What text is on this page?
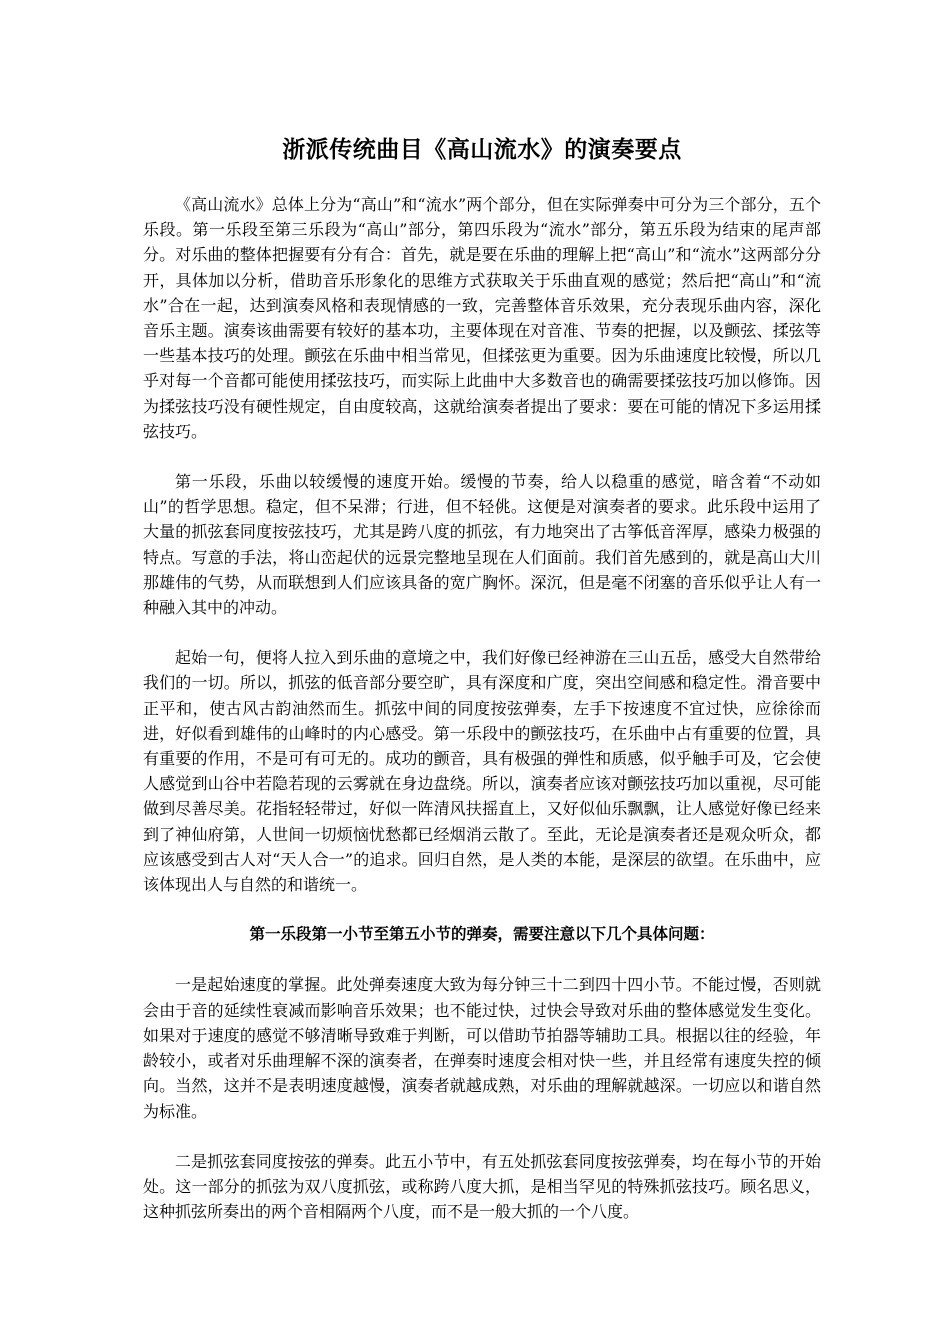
浙派传统曲目《高山流水》的演奏要点

《高山流水》总体上分为“高山”和“流水”两个部分，但在实际弹奏中可分为三个部分，五个乐段。第一乐段至第三乐段为“高山”部分，第四乐段为“流水”部分，第五乐段为结束的尾声部分。对乐曲的整体把握要有分有合：首先，就是要在乐曲的理解上把“高山”和“流水”这两部分分开，具体加以分析，借助音乐形象化的思维方式获取关于乐曲直观的感觉；然后把“高山”和“流水”合在一起，达到演奏风格和表现情感的一致，完善整体音乐效果，充分表现乐曲内容，深化音乐主题。演奏该曲需要有较好的基本功，主要体现在对音准、节奏的把握，以及颤弦、揉弦等一些基本技巧的处理。颤弦在乐曲中相当常见，但揉弦更为重要。因为乐曲速度比较慢，所以几乎对每一个音都可能使用揉弦技巧，而实际上此曲中大多数音也的确需要揉弦技巧加以修饰。因为揉弦技巧没有硬性规定，自由度较高，这就给演奏者提出了要求：要在可能的情况下多运用揉弦技巧。

第一乐段，乐曲以较缓慢的速度开始。缓慢的节奏，给人以稳重的感觉，暗含着“不动如山”的哲学思想。稳定，但不呆滞；行进，但不轻佻。这便是对演奏者的要求。此乐段中运用了大量的抓弦套同度按弦技巧，尤其是跨八度的抓弦，有力地突出了古筝低音浑厚，感染力极强的特点。写意的手法，将山峦起伏的远景完整地呈现在人们面前。我们首先感到的，就是高山大川那雄伟的气势，从而联想到人们应该具备的宽广胸怀。深沉，但是毫不闭塞的音乐似乎让人有一种融入其中的冲动。

起始一句，便将人拉入到乐曲的意境之中，我们好像已经神游在三山五岳，感受大自然带给我们的一切。所以，抓弦的低音部分要空旷，具有深度和广度，突出空间感和稳定性。滑音要中正平和，使古风古韵油然而生。抓弦中间的同度按弦弹奏，左手下按速度不宜过快，应徐徐而进，好似看到雄伟的山峰时的内心感受。第一乐段中的颤弦技巧，在乐曲中占有重要的位置，具有重要的作用，不是可有可无的。成功的颤音，具有极强的弹性和质感，似乎触手可及，它会使人感觉到山谷中若隐若现的云雾就在身边盘绕。所以，演奏者应该对颤弦技巧加以重视，尽可能做到尽善尽美。花指轻轻带过，好似一阵清风扶摇直上，又好似仙乐飘飘，让人感觉好像已经来到了神仙府第，人世间一切烦恼忧愁都已经烟消云散了。至此，无论是演奏者还是观众听众，都应该感受到古人对“天人合一”的追求。回归自然，是人类的本能，是深层的欲望。在乐曲中，应该体现出人与自然的和谐统一。

第一乐段第一小节至第五小节的弹奏，需要注意以下几个具体问题：

一是起始速度的掌握。此处弹奏速度大致为每分钟三十二到四十四小节。不能过慢，否则就会由于音的延续性衰减而影响音乐效果；也不能过快，过快会导致对乐曲的整体感觉发生变化。如果对于速度的感觉不够清晰导致难于判断，可以借助节拍器等辅助工具。根据以往的经验，年龄较小，或者对乐曲理解不深的演奏者，在弹奏时速度会相对快一些，并且经常有速度失控的倾向。当然，这并不是表明速度越慢，演奏者就越成熟，对乐曲的理解就越深。一切应以和谐自然为标准。

二是抓弦套同度按弦的弹奏。此五小节中，有五处抓弦套同度按弦弹奏，均在每小节的开始处。这一部分的抓弦为双八度抓弦，或称跨八度大抓，是相当罕见的特殊抓弦技巧。顾名思义，这种抓弦所奏出的两个音相隔两个八度，而不是一般大抓的一个八度。
